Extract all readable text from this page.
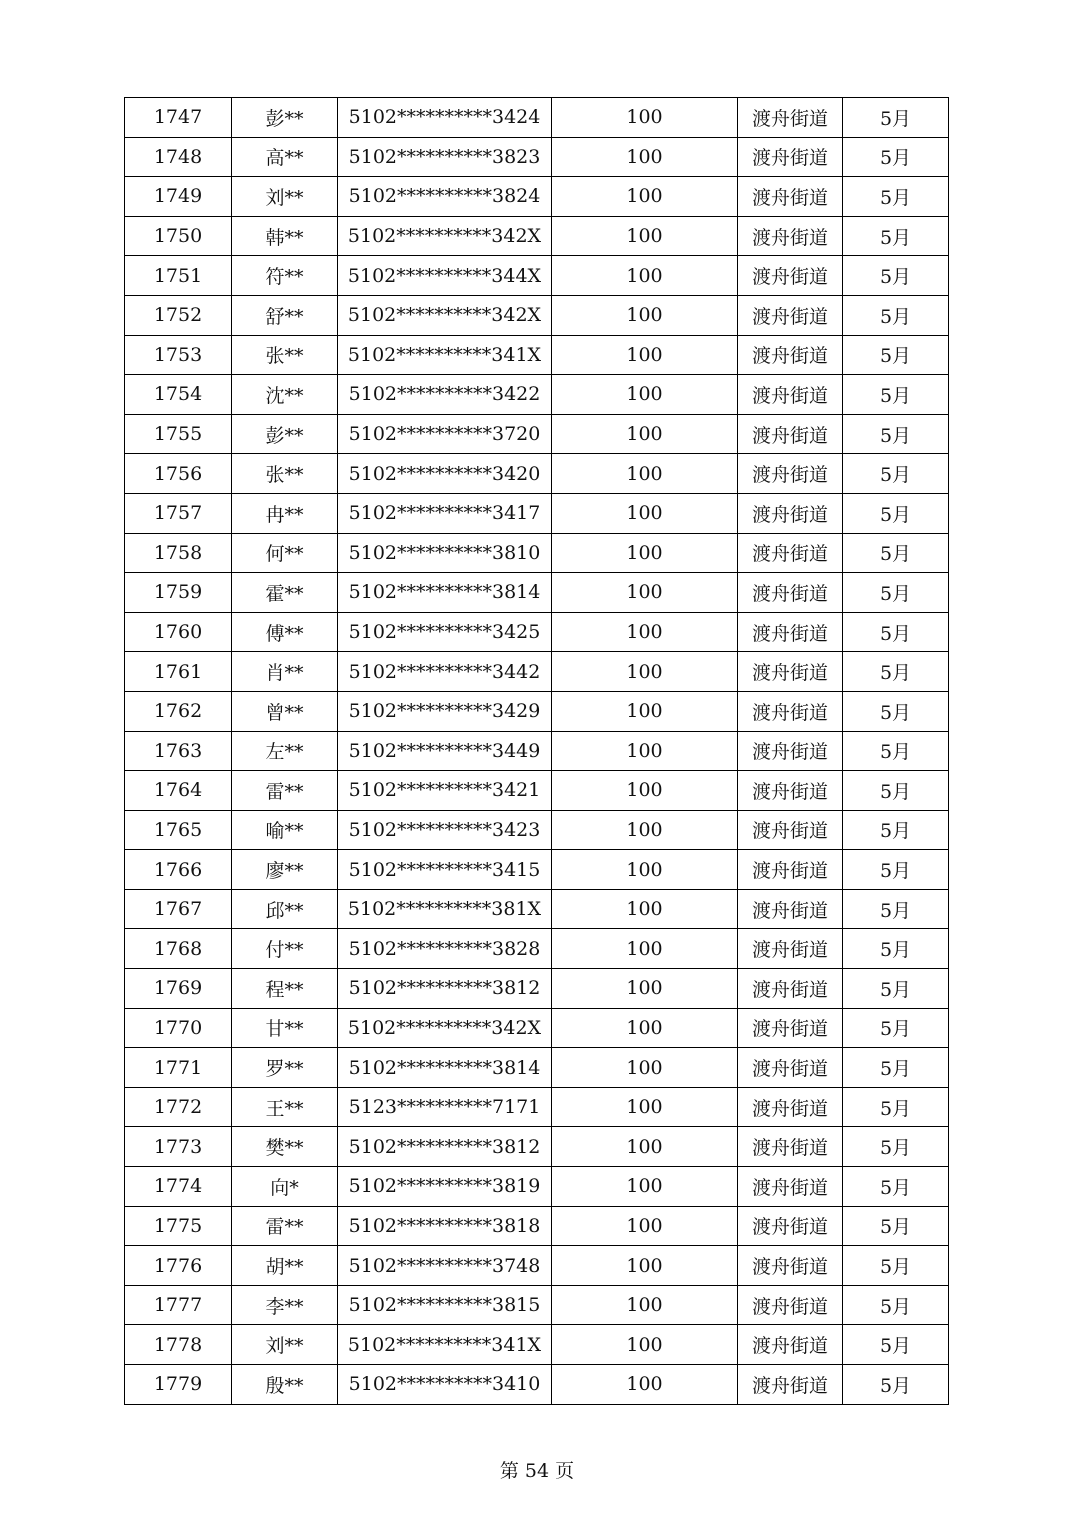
1747	彭**	5102**********3424	100	渡舟街道	5月
1748	高**	5102**********3823	100	渡舟街道	5月
1749	刘**	5102**********3824	100	渡舟街道	5月
1750	韩**	5102**********342X	100	渡舟街道	5月
1751	符**	5102**********344X	100	渡舟街道	5月
1752	舒**	5102**********342X	100	渡舟街道	5月
1753	张**	5102**********341X	100	渡舟街道	5月
1754	沈**	5102**********3422	100	渡舟街道	5月
1755	彭**	5102**********3720	100	渡舟街道	5月
1756	张**	5102**********3420	100	渡舟街道	5月
1757	冉**	5102**********3417	100	渡舟街道	5月
1758	何**	5102**********3810	100	渡舟街道	5月
1759	霍**	5102**********3814	100	渡舟街道	5月
1760	傅**	5102**********3425	100	渡舟街道	5月
1761	肖**	5102**********3442	100	渡舟街道	5月
1762	曾**	5102**********3429	100	渡舟街道	5月
1763	左**	5102**********3449	100	渡舟街道	5月
1764	雷**	5102**********3421	100	渡舟街道	5月
1765	喻**	5102**********3423	100	渡舟街道	5月
1766	廖**	5102**********3415	100	渡舟街道	5月
1767	邱**	5102**********381X	100	渡舟街道	5月
1768	付**	5102**********3828	100	渡舟街道	5月
1769	程**	5102**********3812	100	渡舟街道	5月
1770	甘**	5102**********342X	100	渡舟街道	5月
1771	罗**	5102**********3814	100	渡舟街道	5月
1772	王**	5123**********7171	100	渡舟街道	5月
1773	樊**	5102**********3812	100	渡舟街道	5月
1774	向*	5102**********3819	100	渡舟街道	5月
1775	雷**	5102**********3818	100	渡舟街道	5月
1776	胡**	5102**********3748	100	渡舟街道	5月
1777	李**	5102**********3815	100	渡舟街道	5月
1778	刘**	5102**********341X	100	渡舟街道	5月
1779	殷**	5102**********3410	100	渡舟街道	5月
第 54 页
